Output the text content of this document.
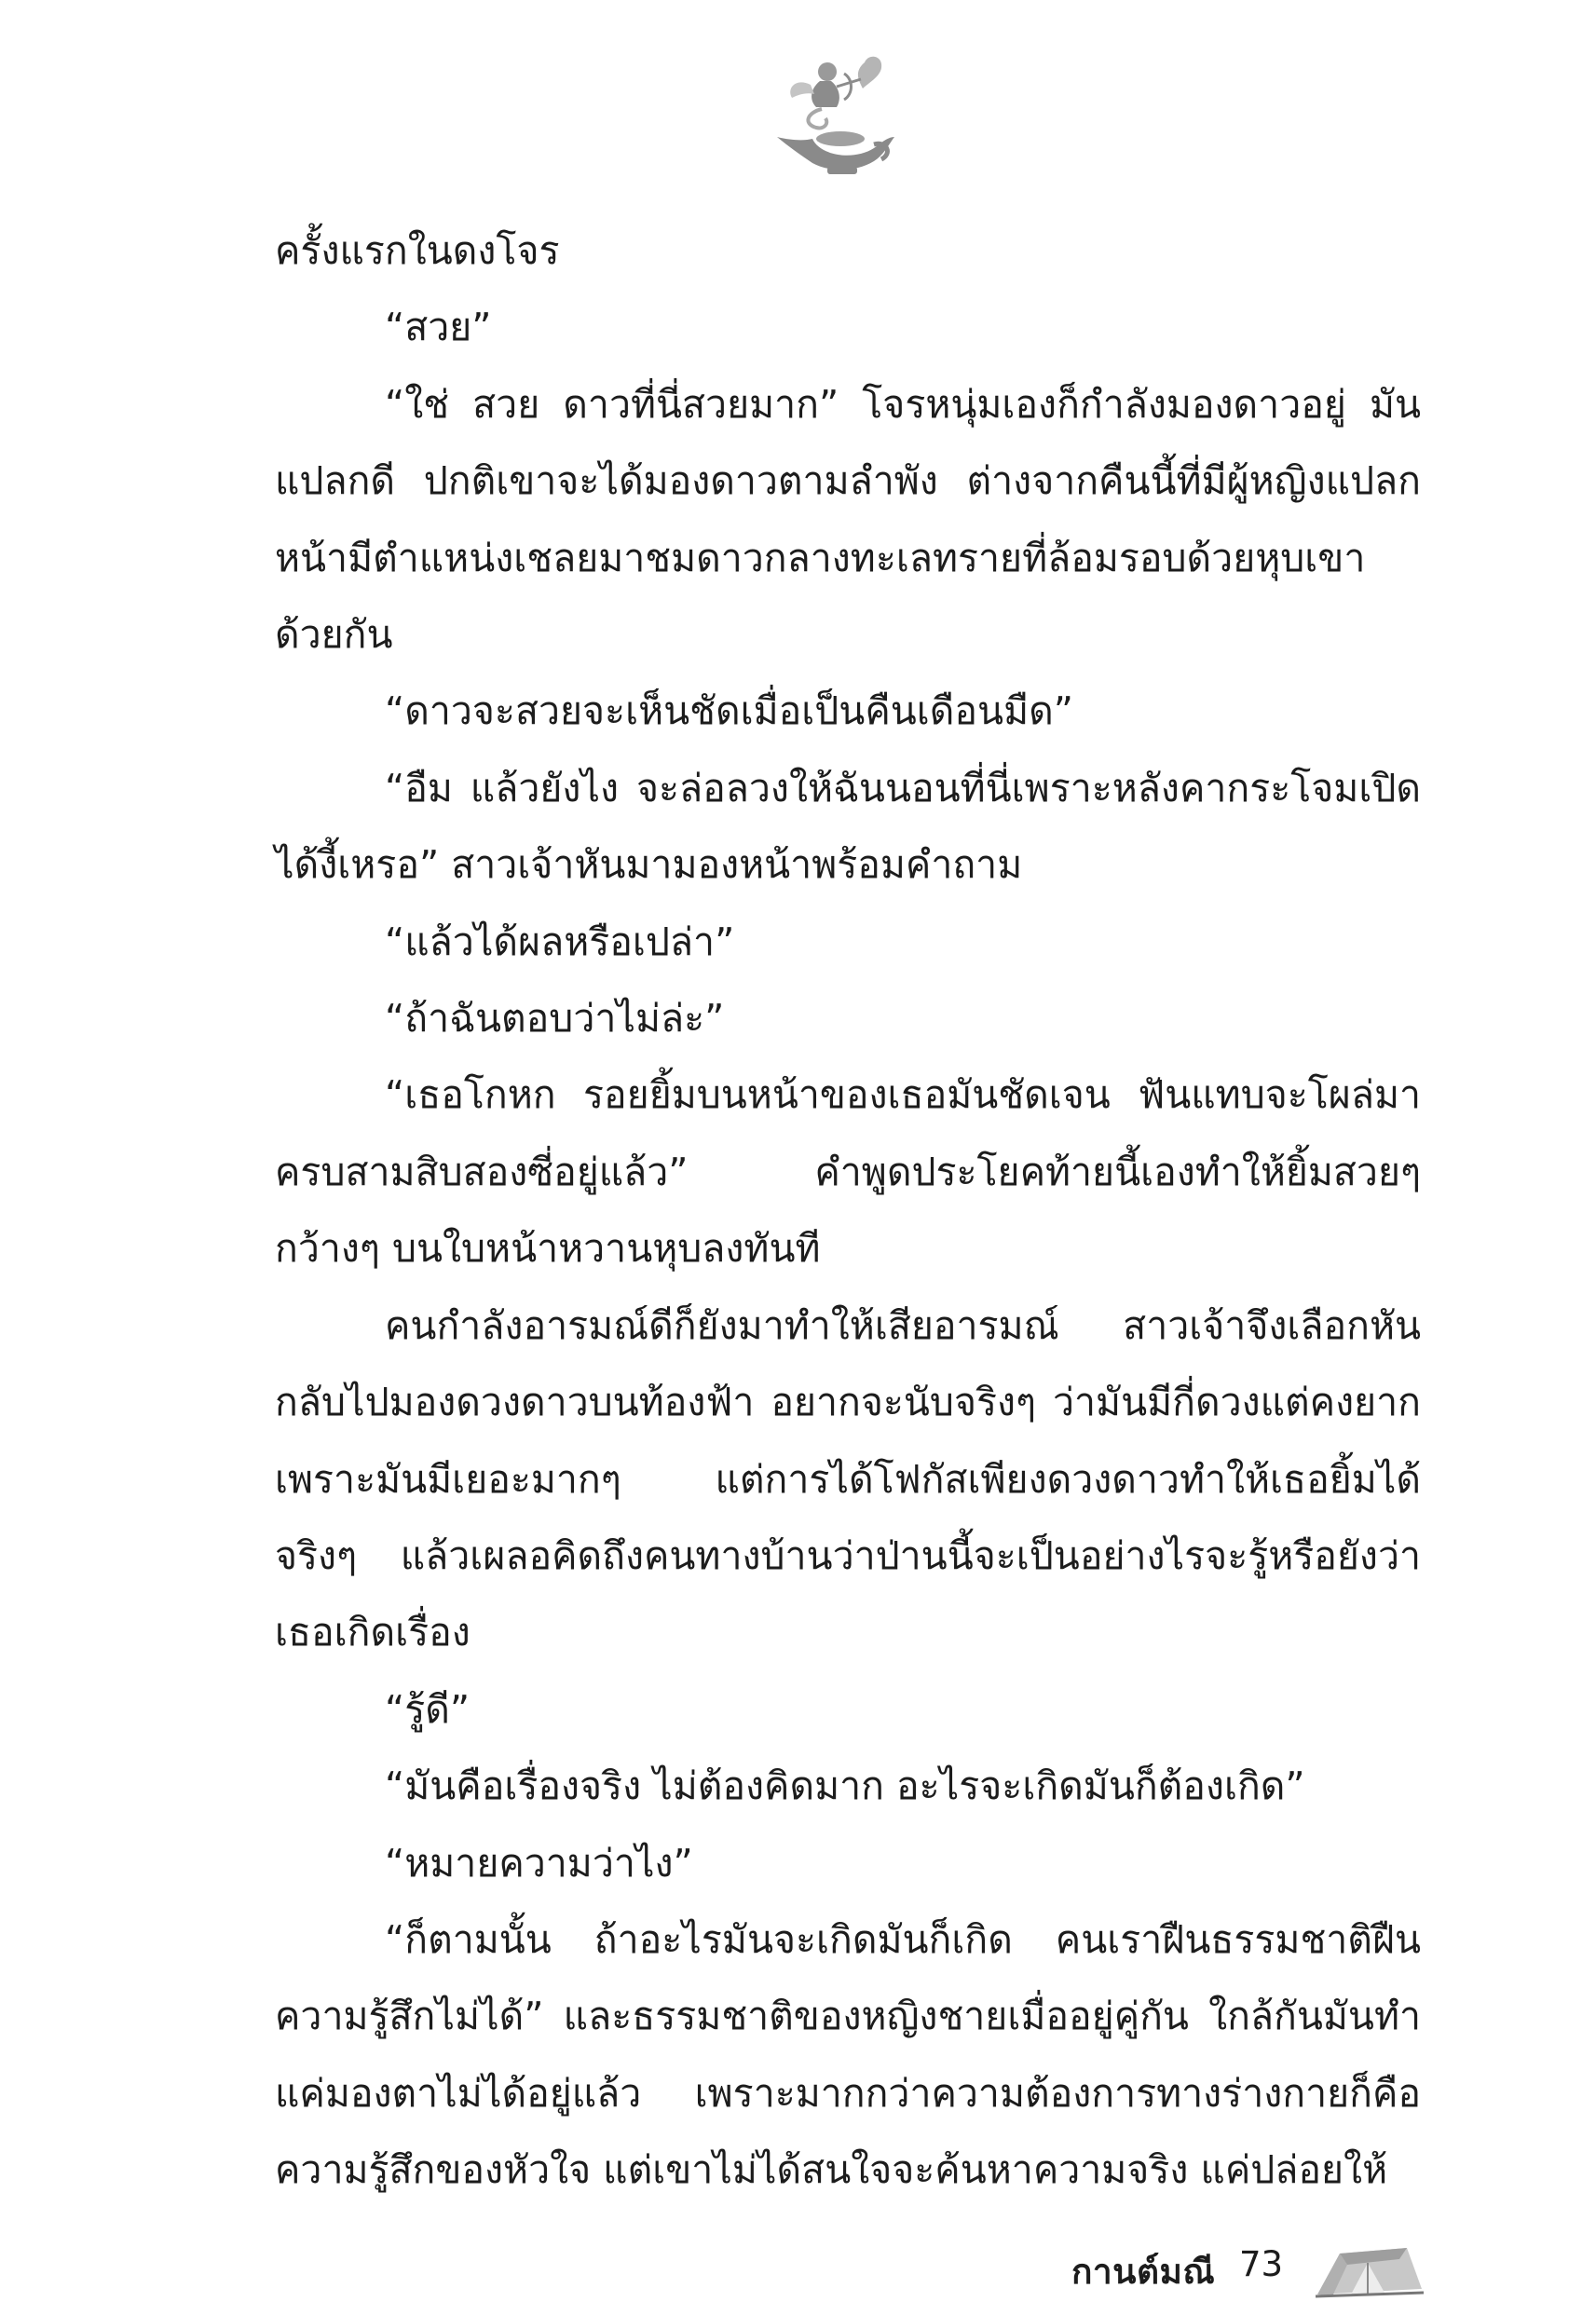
ครั้งแรกในดงโจร

“สวย”

“ใช่ สวย ดาวที่นี่สวยมาก” โจรหนุ่มเองก็กำลังมองดาวอยู่ มันแปลกดี ปกติเขาจะได้มองดาวตามลำพัง ต่างจากคืนนี้ที่มีผู้หญิงแปลกหน้ามีตำแหน่งเชลยมาชมดาวกลางทะเลทรายที่ล้อมรอบด้วยหุบเขาด้วยกัน

“ดาวจะสวยจะเห็นชัดเมื่อเป็นคืนเดือนมืด”

“อืม แล้วยังไง จะล่อลวงให้ฉันนอนที่นี่เพราะหลังคากระโจมเปิดได้งี้เหรอ” สาวเจ้าหันมามองหน้าพร้อมคำถาม

“แล้วได้ผลหรือเปล่า”

“ถ้าฉันตอบว่าไม่ล่ะ”

“เธอโกหก รอยยิ้มบนหน้าของเธอมันชัดเจน ฟันแทบจะโผล่มาครบสามสิบสองซี่อยู่แล้ว” คำพูดประโยคท้ายนี้เองทำให้ยิ้มสวยๆ กว้างๆ บนใบหน้าหวานหุบลงทันที

คนกำลังอารมณ์ดีก็ยังมาทำให้เสียอารมณ์ สาวเจ้าจึงเลือกหันกลับไปมองดวงดาวบนท้องฟ้า อยากจะนับจริงๆ ว่ามันมีกี่ดวงแต่คงยาก เพราะมันมีเยอะมากๆ แต่การได้โฟกัสเพียงดวงดาวทำให้เธอยิ้มได้จริงๆ แล้วเผลอคิดถึงคนทางบ้านว่าป่านนี้จะเป็นอย่างไรจะรู้หรือยังว่าเธอเกิดเรื่อง

“รู้ดี”

“มันคือเรื่องจริง ไม่ต้องคิดมาก อะไรจะเกิดมันก็ต้องเกิด”

“หมายความว่าไง”

“ก็ตามนั้น ถ้าอะไรมันจะเกิดมันก็เกิด คนเราฝืนธรรมชาติฝืนความรู้สึกไม่ได้” และธรรมชาติของหญิงชายเมื่ออยู่คู่กัน ใกล้กันมันทำแค่มองตาไม่ได้อยู่แล้ว เพราะมากกว่าความต้องการทางร่างกายก็คือความรู้สึกของหัวใจ แต่เขาไม่ได้สนใจจะค้นหาความจริง แค่ปล่อยให้

กานต์มณี 73
